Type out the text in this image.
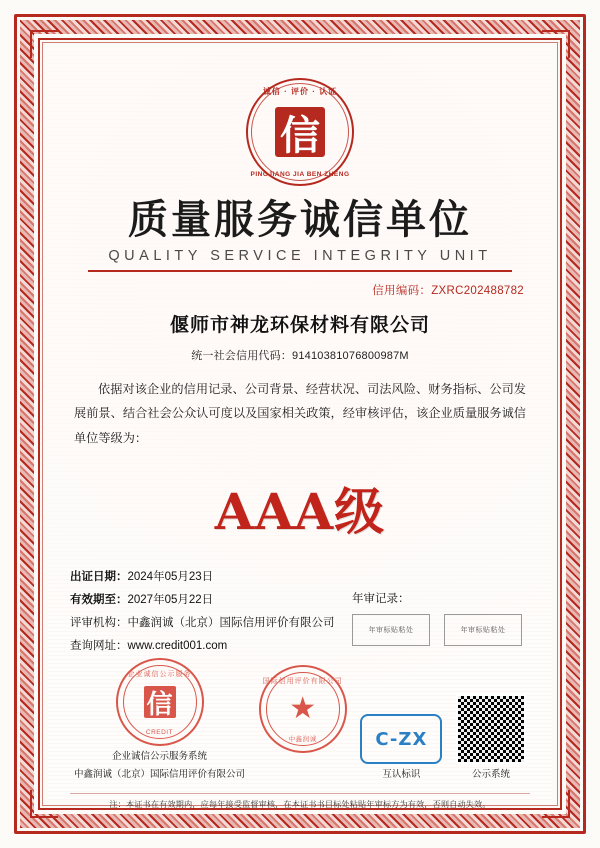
诚信 · 评价 · 认证
信
PINGJIANG JIA BEN ZHENG
质量服务诚信单位
QUALITY SERVICE INTEGRITY UNIT
信用编码：ZXRC202488782
偃师市神龙环保材料有限公司
统一社会信用代码：91410381076800987M
依据对该企业的信用记录、公司背景、经营状况、司法风险、财务指标、公司发展前景、结合社会公众认可度以及国家相关政策，经审核评估，该企业质量服务诚信单位等级为：
AAA级
出证日期：2024年05月23日
有效期至：2027年05月22日
评审机构：中鑫润诚（北京）国际信用评价有限公司
查询网址：www.credit001.com
年审记录：
年审标贴粘处	年审标贴粘处
企业诚信公示服务
信
CREDIT
企业诚信公示服务系统
中鑫润诚（北京）国际信用评价有限公司
国际信用评价有限公司
★
中鑫润诚	C-ZX
互认标识	公示系统
注：本证书在有效期内，应每年接受监督审核，在本证书书目标处粘贴年审标方为有效，否则自动失效。
